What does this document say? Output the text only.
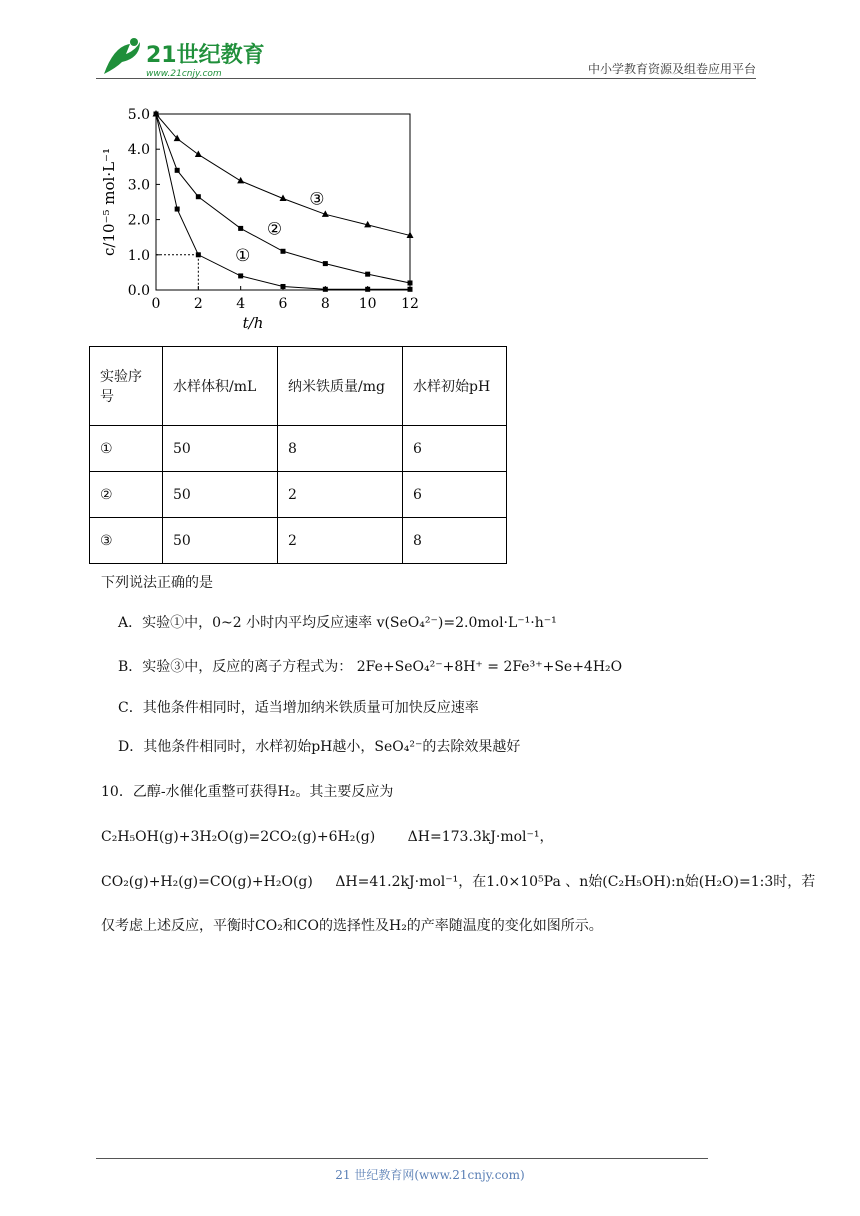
21世纪教育
www.21cnjy.com	中小学教育资源及组卷应用平台
0 2 4 6 8 10 12
0.0
1.0
2.0
3.0
4.0
5.0
①
②
③
t/h
c/10⁻⁵ mol·L⁻¹
实验序号	水样体积/mL	纳米铁质量/mg	水样初始pH
①	50	8	6
②	50	2	6
③	50	2	8
下列说法正确的是
A．实验①中，0~2 小时内平均反应速率 v(SeO₄²⁻)=2.0mol·L⁻¹·h⁻¹
B．实验③中，反应的离子方程式为： 2Fe+SeO₄²⁻+8H⁺ = 2Fe³⁺+Se+4H₂O
C．其他条件相同时，适当增加纳米铁质量可加快反应速率
D．其他条件相同时，水样初始pH越小，SeO₄²⁻的去除效果越好
10．乙醇-水催化重整可获得H₂。其主要反应为
C₂H₅OH(g)+3H₂O(g)=2CO₂(g)+6H₂(g) ΔH=173.3kJ·mol⁻¹，
CO₂(g)+H₂(g)=CO(g)+H₂O(g) ΔH=41.2kJ·mol⁻¹，在1.0×10⁵Pa 、n始(C₂H₅OH):n始(H₂O)=1:3时，若
仅考虑上述反应，平衡时CO₂和CO的选择性及H₂的产率随温度的变化如图所示。
21 世纪教育网(www.21cnjy.com)
